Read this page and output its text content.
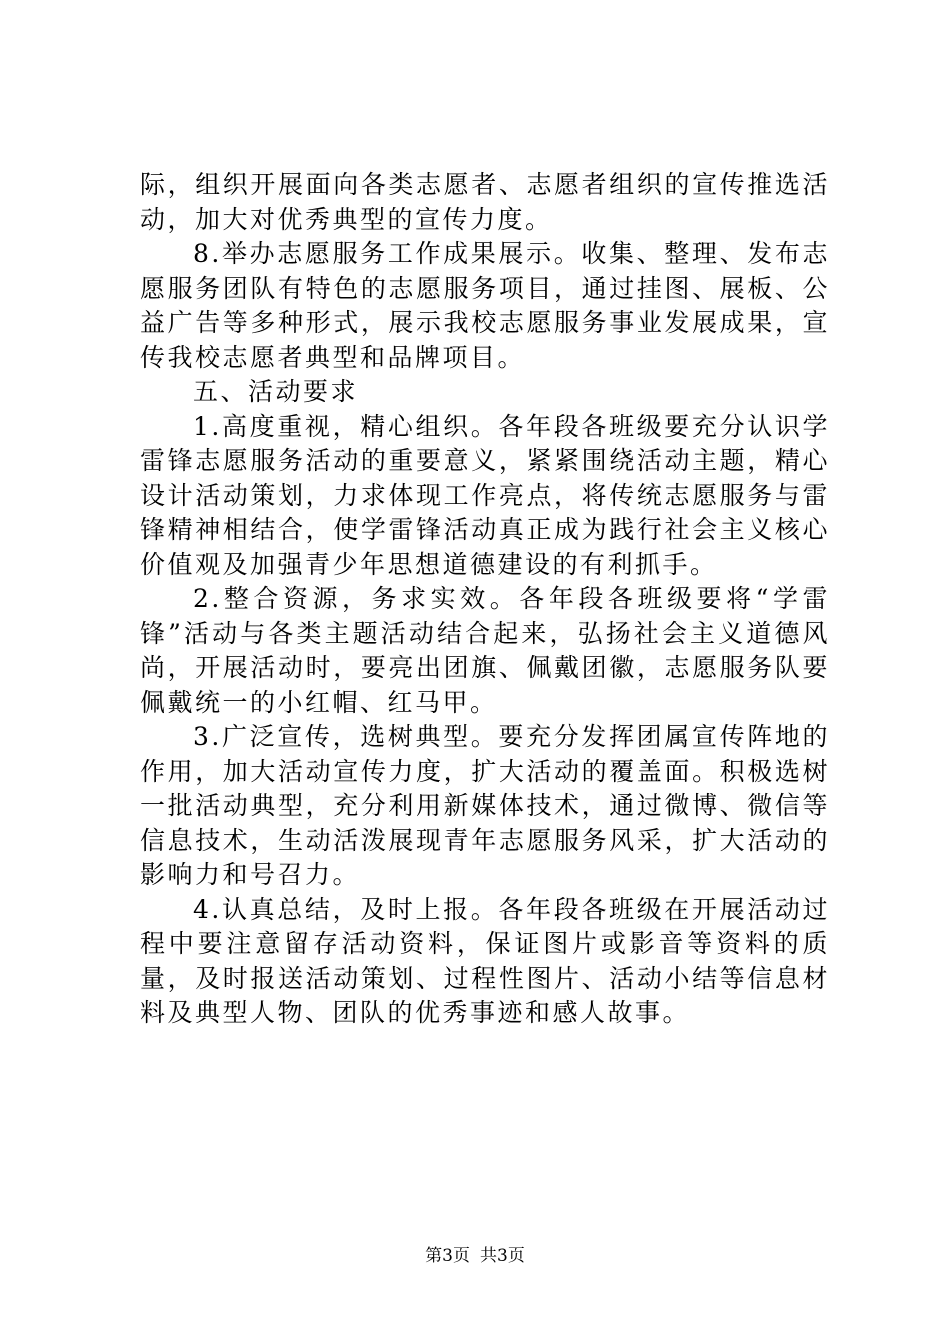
际，组织开展面向各类志愿者、志愿者组织的宣传推选活动，加大对优秀典型的宣传力度。

8.举办志愿服务工作成果展示。收集、整理、发布志愿服务团队有特色的志愿服务项目，通过挂图、展板、公益广告等多种形式，展示我校志愿服务事业发展成果，宣传我校志愿者典型和品牌项目。

五、活动要求

1.高度重视，精心组织。各年段各班级要充分认识学雷锋志愿服务活动的重要意义，紧紧围绕活动主题，精心设计活动策划，力求体现工作亮点，将传统志愿服务与雷锋精神相结合，使学雷锋活动真正成为践行社会主义核心价值观及加强青少年思想道德建设的有利抓手。

2.整合资源，务求实效。各年段各班级要将“学雷锋”活动与各类主题活动结合起来，弘扬社会主义道德风尚，开展活动时，要亮出团旗、佩戴团徽，志愿服务队要佩戴统一的小红帽、红马甲。

3.广泛宣传，选树典型。要充分发挥团属宣传阵地的作用，加大活动宣传力度，扩大活动的覆盖面。积极选树一批活动典型，充分利用新媒体技术，通过微博、微信等信息技术，生动活泼展现青年志愿服务风采，扩大活动的影响力和号召力。

4.认真总结，及时上报。各年段各班级在开展活动过程中要注意留存活动资料，保证图片或影音等资料的质量，及时报送活动策划、过程性图片、活动小结等信息材料及典型人物、团队的优秀事迹和感人故事。

第3页 共3页
